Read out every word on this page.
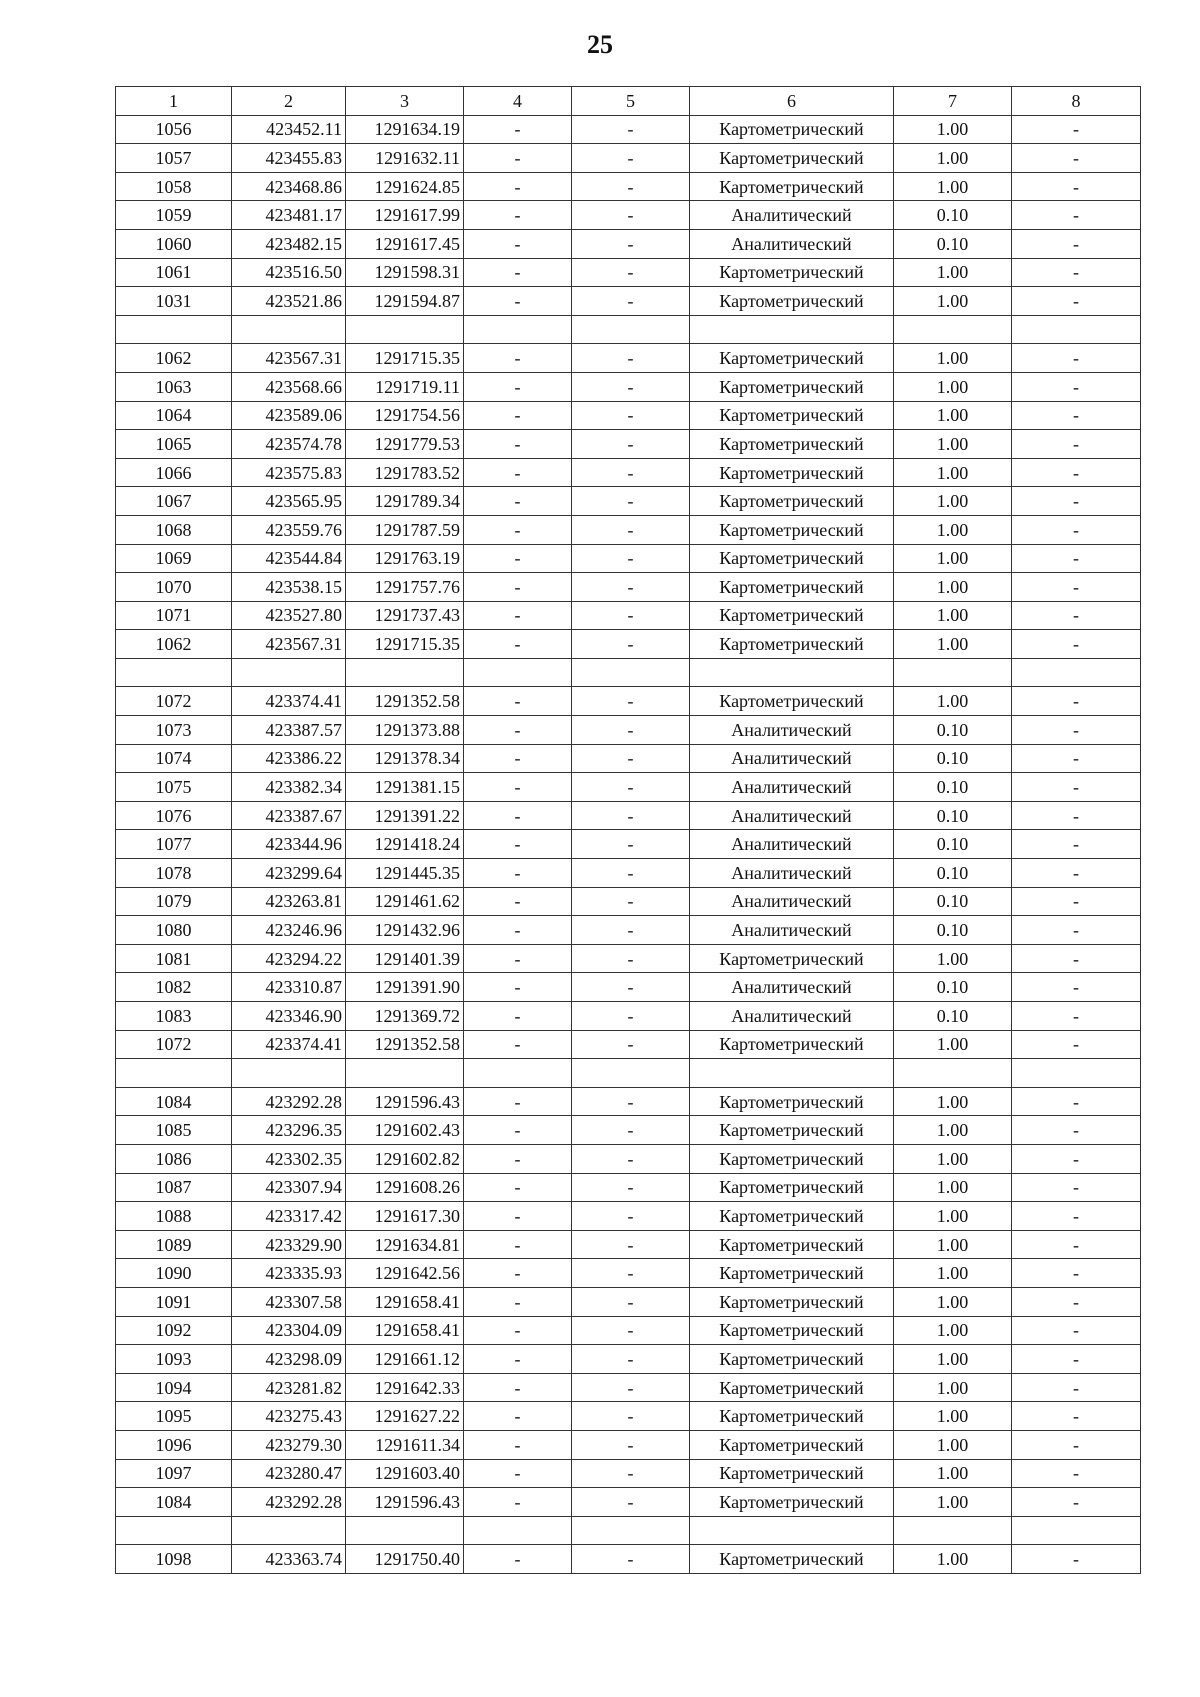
25
1	2	3	4	5	6	7	8
1056	423452.11	1291634.19	-	-	Картометрический	1.00	-
1057	423455.83	1291632.11	-	-	Картометрический	1.00	-
1058	423468.86	1291624.85	-	-	Картометрический	1.00	-
1059	423481.17	1291617.99	-	-	Аналитический	0.10	-
1060	423482.15	1291617.45	-	-	Аналитический	0.10	-
1061	423516.50	1291598.31	-	-	Картометрический	1.00	-
1031	423521.86	1291594.87	-	-	Картометрический	1.00	-

1062	423567.31	1291715.35	-	-	Картометрический	1.00	-
1063	423568.66	1291719.11	-	-	Картометрический	1.00	-
1064	423589.06	1291754.56	-	-	Картометрический	1.00	-
1065	423574.78	1291779.53	-	-	Картометрический	1.00	-
1066	423575.83	1291783.52	-	-	Картометрический	1.00	-
1067	423565.95	1291789.34	-	-	Картометрический	1.00	-
1068	423559.76	1291787.59	-	-	Картометрический	1.00	-
1069	423544.84	1291763.19	-	-	Картометрический	1.00	-
1070	423538.15	1291757.76	-	-	Картометрический	1.00	-
1071	423527.80	1291737.43	-	-	Картометрический	1.00	-
1062	423567.31	1291715.35	-	-	Картометрический	1.00	-

1072	423374.41	1291352.58	-	-	Картометрический	1.00	-
1073	423387.57	1291373.88	-	-	Аналитический	0.10	-
1074	423386.22	1291378.34	-	-	Аналитический	0.10	-
1075	423382.34	1291381.15	-	-	Аналитический	0.10	-
1076	423387.67	1291391.22	-	-	Аналитический	0.10	-
1077	423344.96	1291418.24	-	-	Аналитический	0.10	-
1078	423299.64	1291445.35	-	-	Аналитический	0.10	-
1079	423263.81	1291461.62	-	-	Аналитический	0.10	-
1080	423246.96	1291432.96	-	-	Аналитический	0.10	-
1081	423294.22	1291401.39	-	-	Картометрический	1.00	-
1082	423310.87	1291391.90	-	-	Аналитический	0.10	-
1083	423346.90	1291369.72	-	-	Аналитический	0.10	-
1072	423374.41	1291352.58	-	-	Картометрический	1.00	-

1084	423292.28	1291596.43	-	-	Картометрический	1.00	-
1085	423296.35	1291602.43	-	-	Картометрический	1.00	-
1086	423302.35	1291602.82	-	-	Картометрический	1.00	-
1087	423307.94	1291608.26	-	-	Картометрический	1.00	-
1088	423317.42	1291617.30	-	-	Картометрический	1.00	-
1089	423329.90	1291634.81	-	-	Картометрический	1.00	-
1090	423335.93	1291642.56	-	-	Картометрический	1.00	-
1091	423307.58	1291658.41	-	-	Картометрический	1.00	-
1092	423304.09	1291658.41	-	-	Картометрический	1.00	-
1093	423298.09	1291661.12	-	-	Картометрический	1.00	-
1094	423281.82	1291642.33	-	-	Картометрический	1.00	-
1095	423275.43	1291627.22	-	-	Картометрический	1.00	-
1096	423279.30	1291611.34	-	-	Картометрический	1.00	-
1097	423280.47	1291603.40	-	-	Картометрический	1.00	-
1084	423292.28	1291596.43	-	-	Картометрический	1.00	-

1098	423363.74	1291750.40	-	-	Картометрический	1.00	-
